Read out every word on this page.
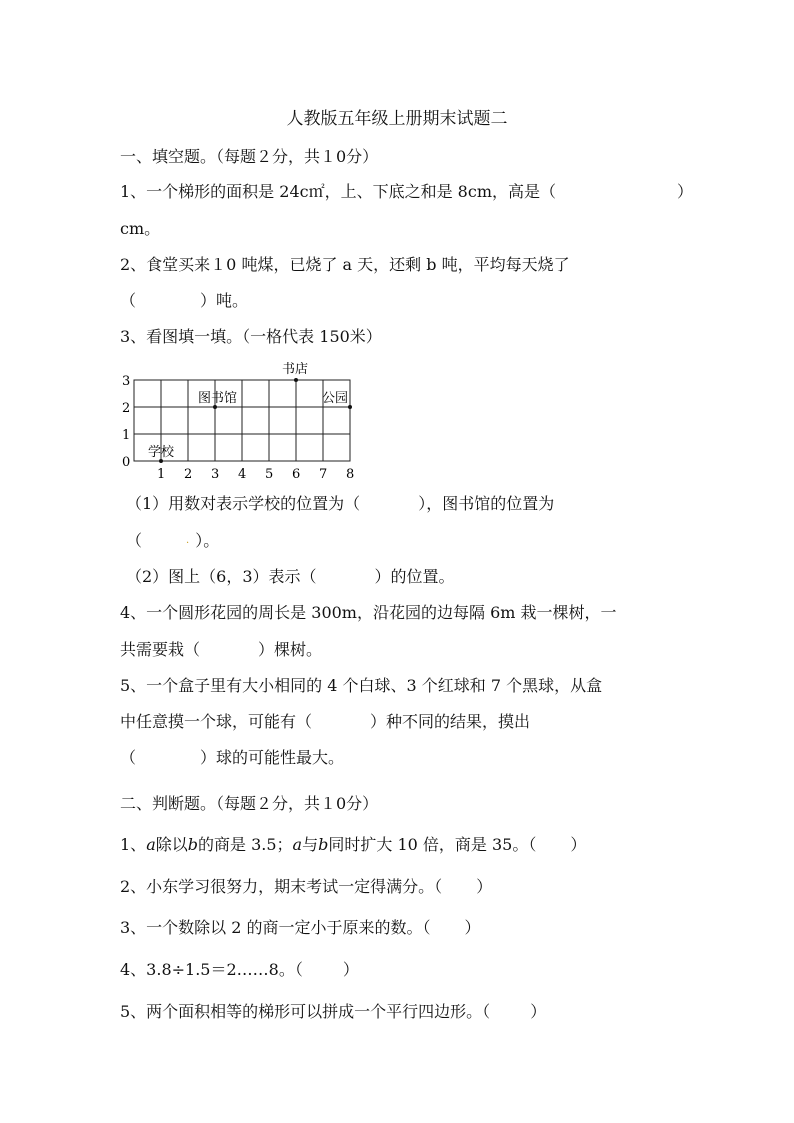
人教版五年级上册期末试题二
一、填空题。（每题２分，共１0分）
1、一个梯形的面积是 24c㎡，上、下底之和是 8cm，高是（	）
cm。
2、食堂买来１0 吨煤，已烧了 a 天，还剩 b 吨，平均每天烧了
（	）吨。
3、看图填一填。（一格代表 150米）
学校
图书馆
书店
公园
0
1
2
3
1 2 3 4 5 6 7 8
（1）用数对表示学校的位置为（	），图书馆的位置为
（	· ）。
（2）图上（6，3）表示（	）的位置。
4、一个圆形花园的周长是 300m，沿花园的边每隔 6m 栽一棵树，一
共需要栽（	）棵树。
5、一个盒子里有大小相同的 4 个白球、3 个红球和 7 个黑球，从盒
中任意摸一个球，可能有（	）种不同的结果，摸出
（	）球的可能性最大。
二、判断题。（每题２分，共１0分）
1、a除以b的商是 3.5；a与b同时扩大 10 倍，商是 35。（ ）
2、小东学习很努力，期末考试一定得满分。（ ）
3、一个数除以 2 的商一定小于原来的数。（ ）
4、3.8÷1.5＝2……8。（	）
5、两个面积相等的梯形可以拼成一个平行四边形。（	）
